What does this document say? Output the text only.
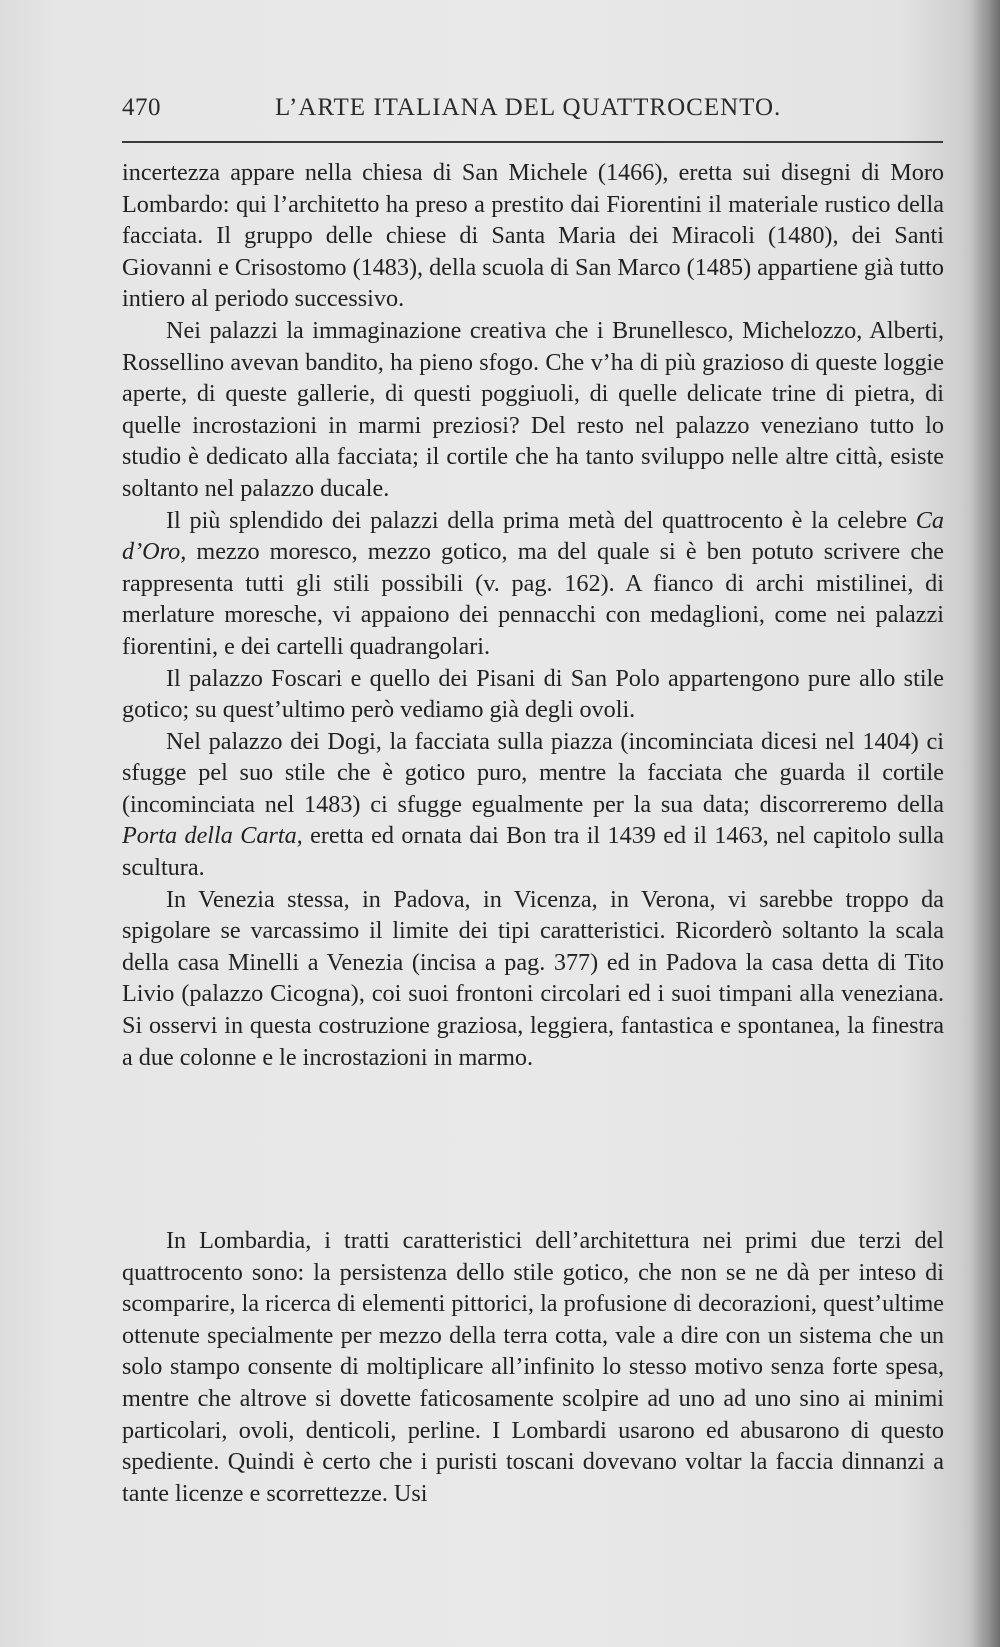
470	L’ARTE ITALIANA DEL QUATTROCENTO.

incertezza appare nella chiesa di San Michele (1466), eretta sui disegni di Moro Lombardo: qui l’architetto ha preso a prestito dai Fiorentini il materiale rustico della facciata. Il gruppo delle chiese di Santa Maria dei Miracoli (1480), dei Santi Giovanni e Crisostomo (1483), della scuola di San Marco (1485) appartiene già tutto intiero al periodo successivo.

Nei palazzi la immaginazione creativa che i Brunellesco, Michelozzo, Alberti, Rossellino avevan bandito, ha pieno sfogo. Che v’ha di più grazioso di queste loggie aperte, di queste gallerie, di questi poggiuoli, di quelle delicate trine di pietra, di quelle incrostazioni in marmi preziosi? Del resto nel palazzo veneziano tutto lo studio è dedicato alla facciata; il cortile che ha tanto sviluppo nelle altre città, esiste soltanto nel palazzo ducale.

Il più splendido dei palazzi della prima metà del quattrocento è la celebre Ca d’Oro, mezzo moresco, mezzo gotico, ma del quale si è ben potuto scrivere che rappresenta tutti gli stili possibili (v. pag. 162). A fianco di archi mistilinei, di merlature moresche, vi appaiono dei pennacchi con medaglioni, come nei palazzi fiorentini, e dei cartelli quadrangolari.

Il palazzo Foscari e quello dei Pisani di San Polo appartengono pure allo stile gotico; su quest’ultimo però vediamo già degli ovoli.

Nel palazzo dei Dogi, la facciata sulla piazza (incominciata dicesi nel 1404) ci sfugge pel suo stile che è gotico puro, mentre la facciata che guarda il cortile (incominciata nel 1483) ci sfugge egualmente per la sua data; discorreremo della Porta della Carta, eretta ed ornata dai Bon tra il 1439 ed il 1463, nel capitolo sulla scultura.

In Venezia stessa, in Padova, in Vicenza, in Verona, vi sarebbe troppo da spigolare se varcassimo il limite dei tipi caratteristici. Ricorderò soltanto la scala della casa Minelli a Venezia (incisa a pag. 377) ed in Padova la casa detta di Tito Livio (palazzo Cicogna), coi suoi frontoni circolari ed i suoi timpani alla veneziana. Si osservi in questa costruzione graziosa, leggiera, fantastica e spontanea, la finestra a due colonne e le incrostazioni in marmo.

In Lombardia, i tratti caratteristici dell’architettura nei primi due terzi del quattrocento sono: la persistenza dello stile gotico, che non se ne dà per inteso di scomparire, la ricerca di elementi pittorici, la profusione di decorazioni, quest’ultime ottenute specialmente per mezzo della terra cotta, vale a dire con un sistema che un solo stampo consente di moltiplicare all’infinito lo stesso motivo senza forte spesa, mentre che altrove si dovette faticosamente scolpire ad uno ad uno sino ai minimi particolari, ovoli, denticoli, perline. I Lombardi usarono ed abusarono di questo spediente. Quindi è certo che i puristi toscani dovevano voltar la faccia dinnanzi a tante licenze e scorrettezze. Usi
